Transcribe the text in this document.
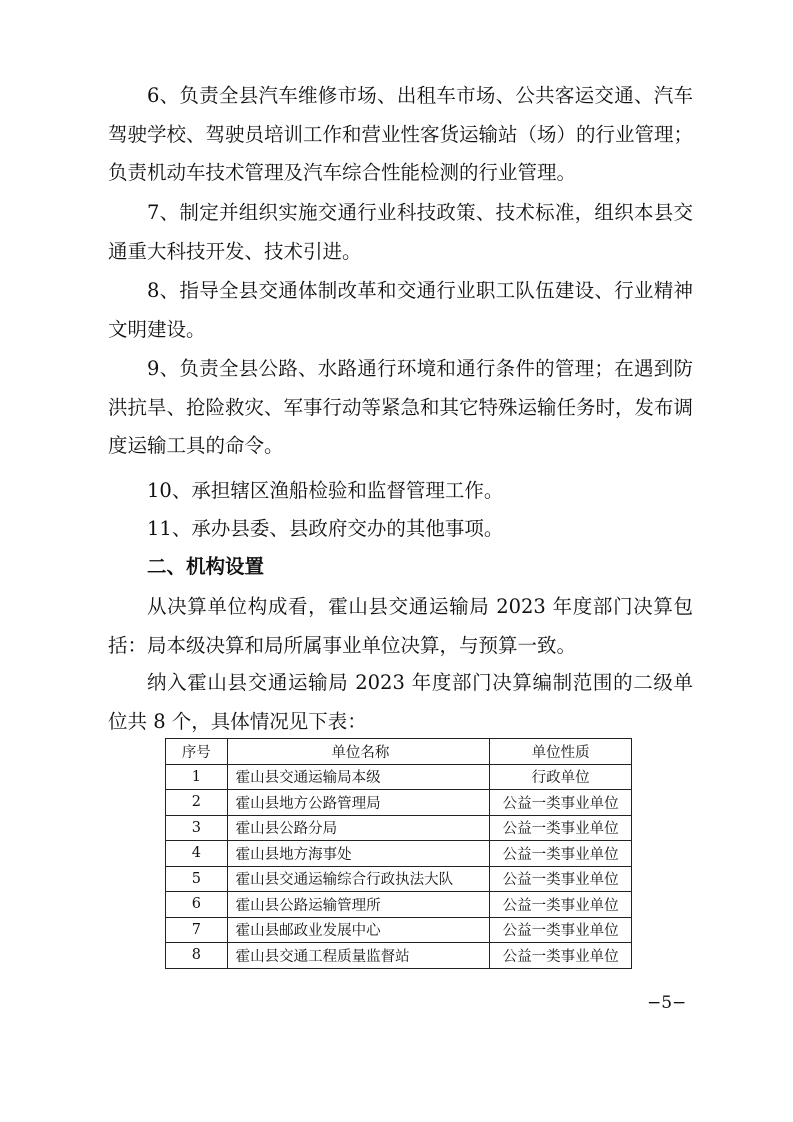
6、负责全县汽车维修市场、出租车市场、公共客运交通、汽车驾驶学校、驾驶员培训工作和营业性客货运输站（场）的行业管理；负责机动车技术管理及汽车综合性能检测的行业管理。

7、制定并组织实施交通行业科技政策、技术标准，组织本县交通重大科技开发、技术引进。

8、指导全县交通体制改革和交通行业职工队伍建设、行业精神文明建设。

9、负责全县公路、水路通行环境和通行条件的管理；在遇到防洪抗旱、抢险救灾、军事行动等紧急和其它特殊运输任务时，发布调度运输工具的命令。

10、承担辖区渔船检验和监督管理工作。

11、承办县委、县政府交办的其他事项。

二、机构设置

从决算单位构成看，霍山县交通运输局 2023 年度部门决算包括：局本级决算和局所属事业单位决算，与预算一致。

纳入霍山县交通运输局 2023 年度部门决算编制范围的二级单位共 8 个，具体情况见下表：

序号	单位名称	单位性质
1	霍山县交通运输局本级	行政单位
2	霍山县地方公路管理局	公益一类事业单位
3	霍山县公路分局	公益一类事业单位
4	霍山县地方海事处	公益一类事业单位
5	霍山县交通运输综合行政执法大队	公益一类事业单位
6	霍山县公路运输管理所	公益一类事业单位
7	霍山县邮政业发展中心	公益一类事业单位
8	霍山县交通工程质量监督站	公益一类事业单位
−5−
